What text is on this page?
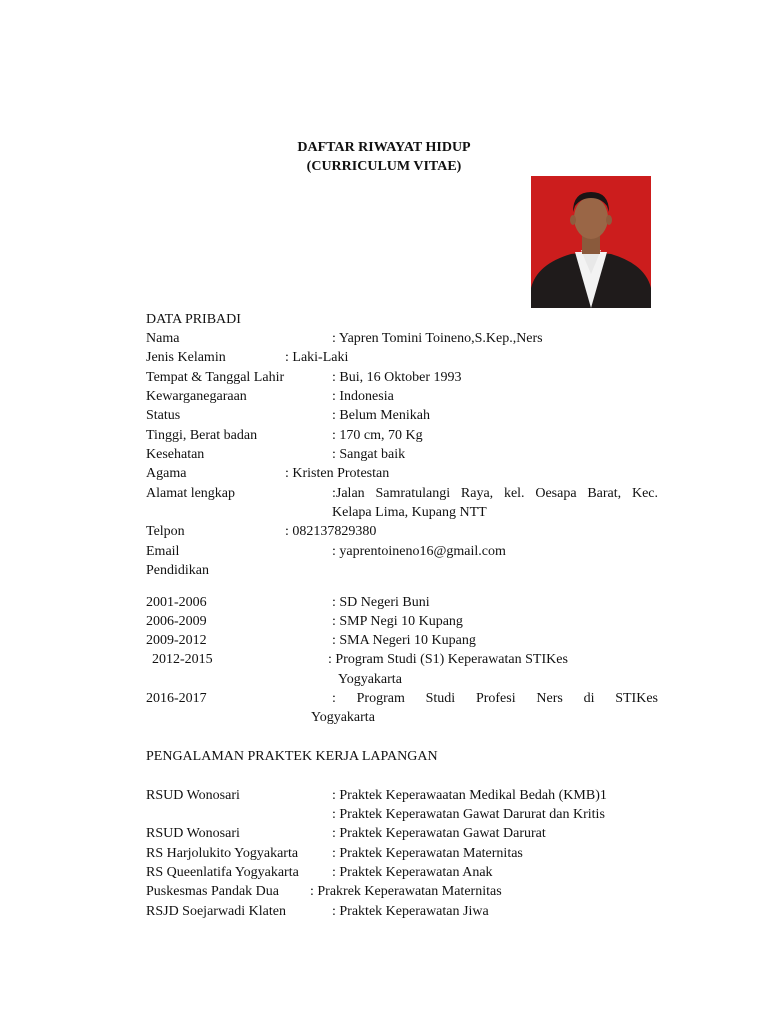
DAFTAR RIWAYAT HIDUP
(CURRICULUM VITAE)
DATA PRIBADI
Nama	: Yapren Tomini Toineno,S.Kep.,Ners
Jenis Kelamin	: Laki-Laki
Tempat & Tanggal Lahir	: Bui, 16 Oktober 1993
Kewarganegaraan	: Indonesia
Status	: Belum Menikah
Tinggi, Berat badan	: 170 cm, 70 Kg
Kesehatan	: Sangat baik
Agama	: Kristen Protestan
Alamat lengkap	:Jalan Samratulangi Raya, kel. Oesapa Barat, Kec.
Kelapa Lima, Kupang NTT
Telpon	: 082137829380
Email	: yaprentoineno16@gmail.com
Pendidikan
2001-2006	: SD Negeri Buni
2006-2009	: SMP Negi 10 Kupang
2009-2012	: SMA Negeri 10 Kupang
2012-2015	: Program Studi (S1) Keperawatan STIKes
Yogyakarta
2016-2017	: Program Studi Profesi Ners di STIKes
Yogyakarta
PENGALAMAN PRAKTEK KERJA LAPANGAN
RSUD Wonosari	: Praktek Keperawaatan Medikal Bedah (KMB)1
: Praktek Keperawatan Gawat Darurat dan Kritis
RSUD Wonosari	: Praktek Keperawatan Gawat Darurat
RS Harjolukito Yogyakarta : Praktek Keperawatan Maternitas
RS Queenlatifa Yogyakarta : Praktek Keperawatan Anak
Puskesmas Pandak Dua : Prakrek Keperawatan Maternitas
RSJD Soejarwadi Klaten	: Praktek Keperawatan Jiwa
